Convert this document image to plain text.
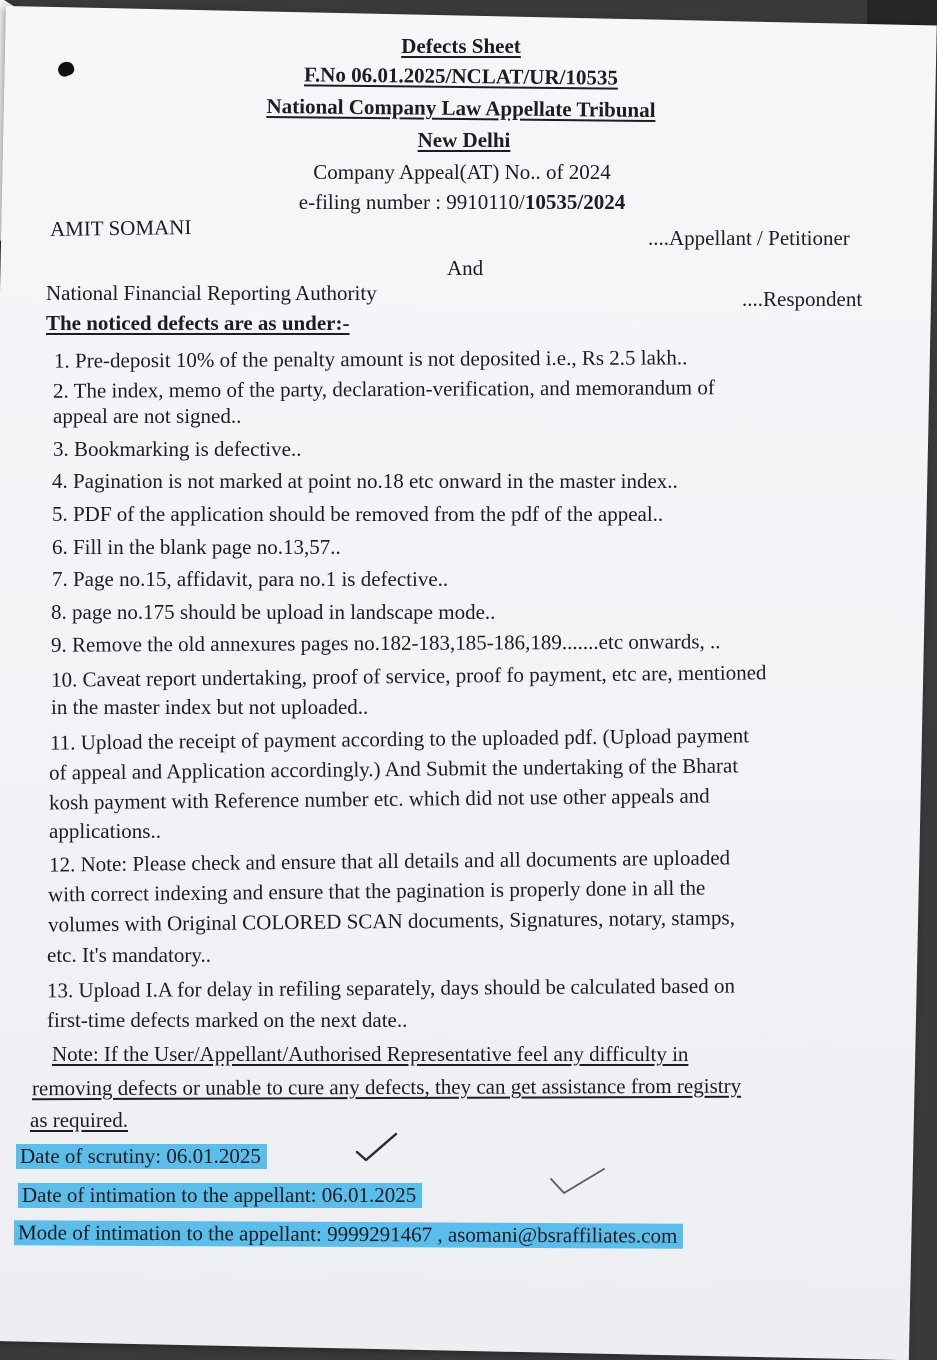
Defects Sheet
F.No 06.01.2025/NCLAT/UR/10535
National Company Law Appellate Tribunal
New Delhi
Company Appeal(AT) No.. of 2024
e-filing number : 9910110/10535/2024
AMIT SOMANI	....Appellant / Petitioner
And
National Financial Reporting Authority	....Respondent
The noticed defects are as under:-
1. Pre-deposit 10% of the penalty amount is not deposited i.e., Rs 2.5 lakh..
2. The index, memo of the party, declaration-verification, and memorandum of
appeal are not signed..
3. Bookmarking is defective..
4. Pagination is not marked at point no.18 etc onward in the master index..
5. PDF of the application should be removed from the pdf of the appeal..
6. Fill in the blank page no.13,57..
7. Page no.15, affidavit, para no.1 is defective..
8. page no.175 should be upload in landscape mode..
9. Remove the old annexures pages no.182-183,185-186,189.......etc onwards, ..
10. Caveat report undertaking, proof of service, proof fo payment, etc are, mentioned
in the master index but not uploaded..
11. Upload the receipt of payment according to the uploaded pdf. (Upload payment
of appeal and Application accordingly.) And Submit the undertaking of the Bharat
kosh payment with Reference number etc. which did not use other appeals and
applications..
12. Note: Please check and ensure that all details and all documents are uploaded
with correct indexing and ensure that the pagination is properly done in all the
volumes with Original COLORED SCAN documents, Signatures, notary, stamps,
etc. It's mandatory..
13. Upload I.A for delay in refiling separately, days should be calculated based on
first-time defects marked on the next date..
Note: If the User/Appellant/Authorised Representative feel any difficulty in
removing defects or unable to cure any defects, they can get assistance from registry
as required.
Date of scrutiny: 06.01.2025
Date of intimation to the appellant: 06.01.2025
Mode of intimation to the appellant: 9999291467 , asomani@bsraffiliates.com
